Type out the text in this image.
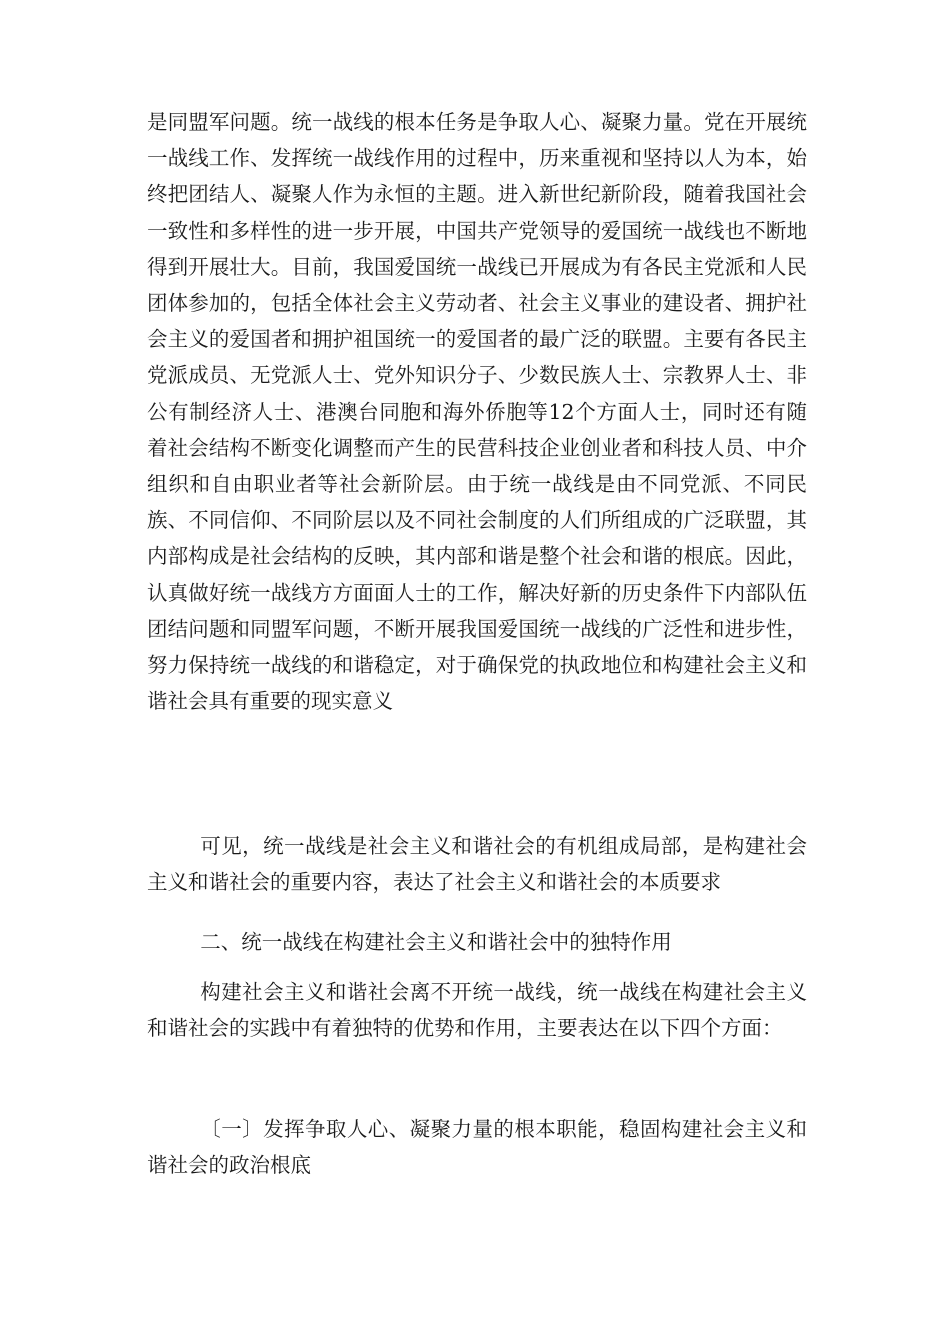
是同盟军问题。统一战线的根本任务是争取人心、凝聚力量。党在开展统一战线工作、发挥统一战线作用的过程中，历来重视和坚持以人为本，始终把团结人、凝聚人作为永恒的主题。进入新世纪新阶段，随着我国社会一致性和多样性的进一步开展，中国共产党领导的爱国统一战线也不断地得到开展壮大。目前，我国爱国统一战线已开展成为有各民主党派和人民团体参加的，包括全体社会主义劳动者、社会主义事业的建设者、拥护社会主义的爱国者和拥护祖国统一的爱国者的最广泛的联盟。主要有各民主党派成员、无党派人士、党外知识分子、少数民族人士、宗教界人士、非公有制经济人士、港澳台同胞和海外侨胞等12个方面人士，同时还有随着社会结构不断变化调整而产生的民营科技企业创业者和科技人员、中介组织和自由职业者等社会新阶层。由于统一战线是由不同党派、不同民族、不同信仰、不同阶层以及不同社会制度的人们所组成的广泛联盟，其内部构成是社会结构的反映，其内部和谐是整个社会和谐的根底。因此，认真做好统一战线方方面面人士的工作，解决好新的历史条件下内部队伍团结问题和同盟军问题，不断开展我国爱国统一战线的广泛性和进步性，努力保持统一战线的和谐稳定，对于确保党的执政地位和构建社会主义和谐社会具有重要的现实意义

可见，统一战线是社会主义和谐社会的有机组成局部，是构建社会主义和谐社会的重要内容，表达了社会主义和谐社会的本质要求

二、统一战线在构建社会主义和谐社会中的独特作用

构建社会主义和谐社会离不开统一战线，统一战线在构建社会主义和谐社会的实践中有着独特的优势和作用，主要表达在以下四个方面：

〔一〕发挥争取人心、凝聚力量的根本职能，稳固构建社会主义和谐社会的政治根底
